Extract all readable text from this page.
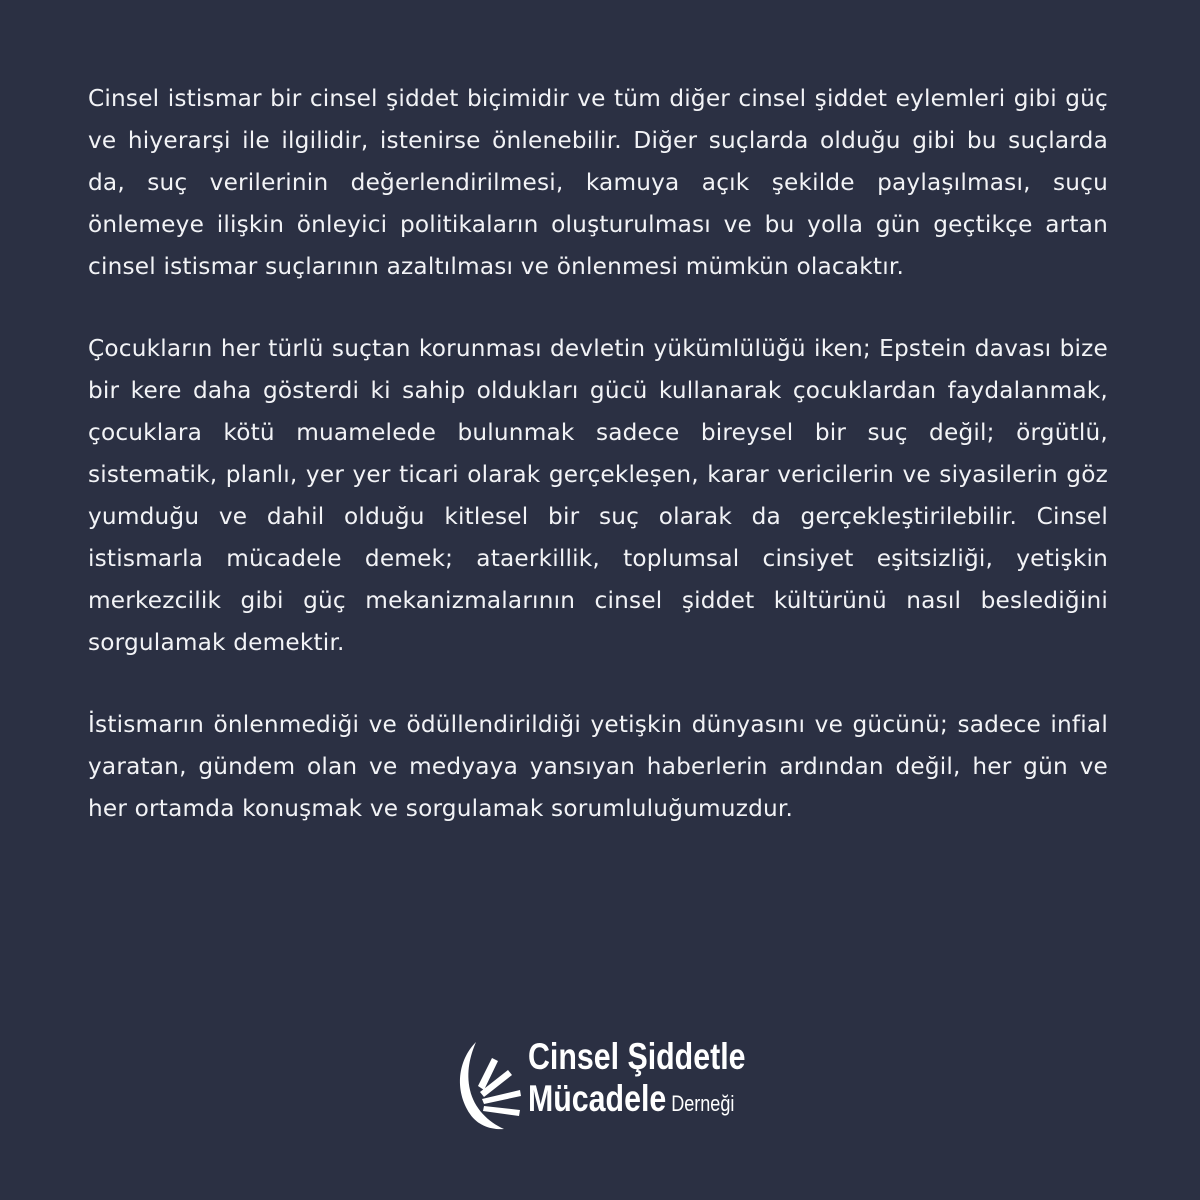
Cinsel istismar bir cinsel şiddet biçimidir ve tüm diğer cinsel şiddet eylemleri gibi güç ve hiyerarşi ile ilgilidir, istenirse önlenebilir. Diğer suçlarda olduğu gibi bu suçlarda da, suç verilerinin değerlendirilmesi, kamuya açık şekilde paylaşılması, suçu önlemeye ilişkin önleyici politikaların oluşturulması ve bu yolla gün geçtikçe artan cinsel istismar suçlarının azaltılması ve önlenmesi mümkün olacaktır.

Çocukların her türlü suçtan korunması devletin yükümlülüğü iken; Epstein davası bize bir kere daha gösterdi ki sahip oldukları gücü kullanarak çocuklardan faydalanmak, çocuklara kötü muamelede bulunmak sadece bireysel bir suç değil; örgütlü, sistematik, planlı, yer yer ticari olarak gerçekleşen, karar vericilerin ve siyasilerin göz yumduğu ve dahil olduğu kitlesel bir suç olarak da gerçekleştirilebilir. Cinsel istismarla mücadele demek; ataerkillik, toplumsal cinsiyet eşitsizliği, yetişkin merkezcilik gibi güç mekanizmalarının cinsel şiddet kültürünü nasıl beslediğini sorgulamak demektir.

İstismarın önlenmediği ve ödüllendirildiği yetişkin dünyasını ve gücünü; sadece infial yaratan, gündem olan ve medyaya yansıyan haberlerin ardından değil, her gün ve her ortamda konuşmak ve sorgulamak sorumluluğumuzdur.

Cinsel Şiddetle
Mücadele Derneği
